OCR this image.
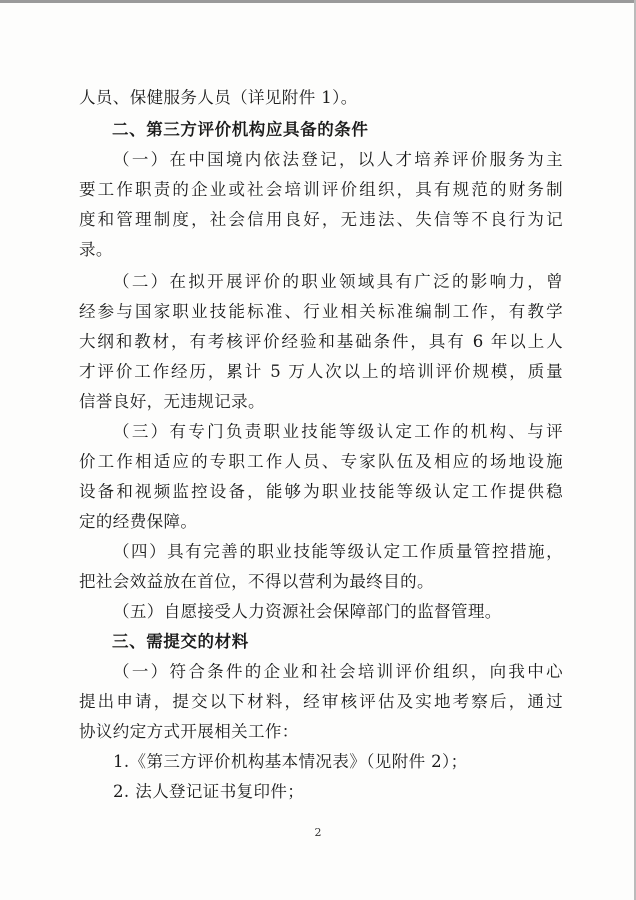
人员、保健服务人员（详见附件 1）。
二、第三方评价机构应具备的条件
（一）在中国境内依法登记，以人才培养评价服务为主
要工作职责的企业或社会培训评价组织，具有规范的财务制
度和管理制度，社会信用良好，无违法、失信等不良行为记
录。
（二）在拟开展评价的职业领域具有广泛的影响力，曾
经参与国家职业技能标准、行业相关标准编制工作，有教学
大纲和教材，有考核评价经验和基础条件，具有 6 年以上人
才评价工作经历，累计 5 万人次以上的培训评价规模，质量
信誉良好，无违规记录。
（三）有专门负责职业技能等级认定工作的机构、与评
价工作相适应的专职工作人员、专家队伍及相应的场地设施
设备和视频监控设备，能够为职业技能等级认定工作提供稳
定的经费保障。
（四）具有完善的职业技能等级认定工作质量管控措施，
把社会效益放在首位，不得以营利为最终目的。
（五）自愿接受人力资源社会保障部门的监督管理。
三、需提交的材料
（一）符合条件的企业和社会培训评价组织，向我中心
提出申请，提交以下材料，经审核评估及实地考察后，通过
协议约定方式开展相关工作：
1.《第三方评价机构基本情况表》（见附件 2）；
2. 法人登记证书复印件；
2
